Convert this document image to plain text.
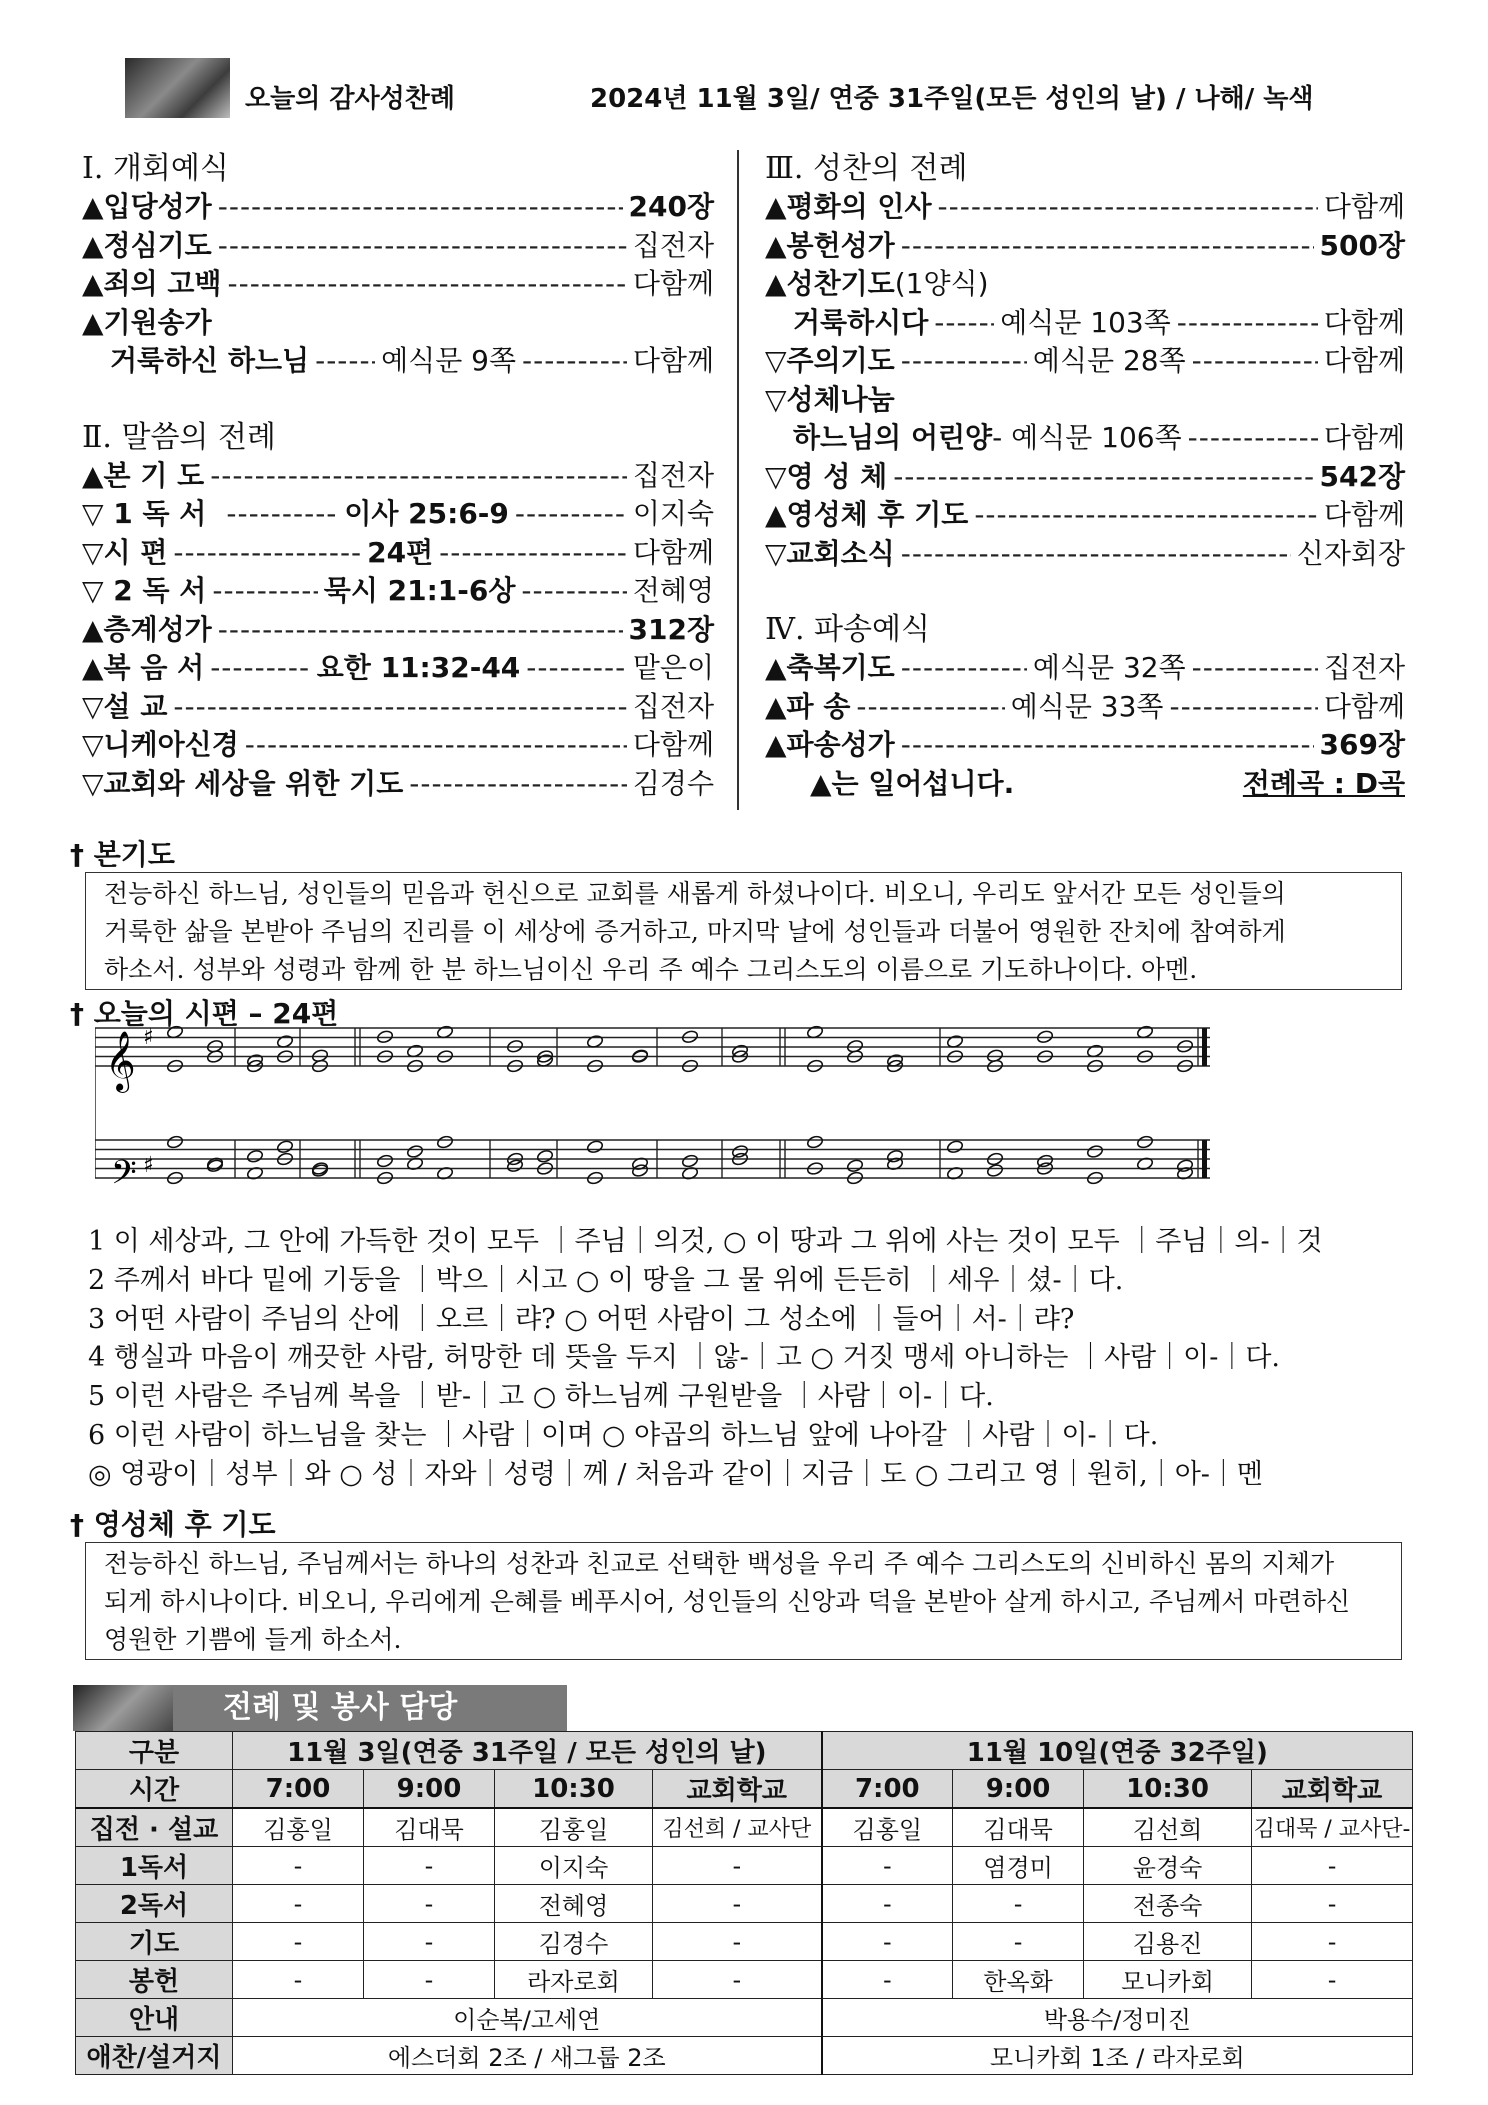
오늘의 감사성찬례	2024년 11월 3일/ 연중 31주일(모든 성인의 날) / 나해/ 녹색
Ⅰ. 개회예식
▲입당성가 -----	240장
▲정심기도 -----	집전자
▲죄의 고백 -----	다함께
▲기원송가
거룩하신 하느님 -----	예식문 9쪽 -----	다함께
Ⅱ. 말씀의 전례
▲본 기 도 -----	집전자
▽ 1 독 서 -----	이사 25:6-9 -----	이지숙
▽시 편 -----	24편 -----	다함께
▽ 2 독 서 -----	묵시 21:1-6상 -----	전혜영
▲층계성가 -----	312장
▲복 음 서 -----	요한 11:32-44 -----	맡은이
▽설 교 -----	집전자
▽니케아신경 -----	다함께
▽교회와 세상을 위한 기도 -----	김경수
Ⅲ. 성찬의 전례
▲평화의 인사 -----	다함께
▲봉헌성가 -----	500장
▲성찬기도 (1양식)
거룩하시다 -----	예식문 103쪽 -----	다함께
▽주의기도 -----	예식문 28쪽 -----	다함께
▽성체나눔
하느님의 어린양 - 예식문 106쪽 -----	다함께
▽영 성 체 -----	542장
▲영성체 후 기도 -----	다함께
▽교회소식 -----	신자회장
Ⅳ. 파송예식
▲축복기도 -----	예식문 32쪽 -----	집전자
▲파 송 -----	예식문 33쪽 -----	다함께
▲파송성가 -----	369장
▲는 일어섭니다.	전례곡 : D곡
† 본기도
전능하신 하느님, 성인들의 믿음과 헌신으로 교회를 새롭게 하셨나이다. 비오니, 우리도 앞서간 모든 성인들의
거룩한 삶을 본받아 주님의 진리를 이 세상에 증거하고, 마지막 날에 성인들과 더불어 영원한 잔치에 참여하게
하소서. 성부와 성령과 함께 한 분 하느님이신 우리 주 예수 그리스도의 이름으로 기도하나이다. 아멘.
† 오늘의 시편 – 24편
𝄞
𝄢
♯
♯
1 이 세상과, 그 안에 가득한 것이 모두 ｜주님｜의것, ○ 이 땅과 그 위에 사는 것이 모두 ｜주님｜의-｜것
2 주께서 바다 밑에 기둥을 ｜박으｜시고 ○ 이 땅을 그 물 위에 든든히 ｜세우｜셨-｜다.
3 어떤 사람이 주님의 산에 ｜오르｜랴? ○ 어떤 사람이 그 성소에 ｜들어｜서-｜랴?
4 행실과 마음이 깨끗한 사람, 허망한 데 뜻을 두지 ｜않-｜고 ○ 거짓 맹세 아니하는 ｜사람｜이-｜다.
5 이런 사람은 주님께 복을 ｜받-｜고 ○ 하느님께 구원받을 ｜사람｜이-｜다.
6 이런 사람이 하느님을 찾는 ｜사람｜이며 ○ 야곱의 하느님 앞에 나아갈 ｜사람｜이-｜다.
◎ 영광이｜성부｜와 ○ 성｜자와｜성령｜께 / 처음과 같이｜지금｜도 ○ 그리고 영｜원히,｜아-｜멘
† 영성체 후 기도
전능하신 하느님, 주님께서는 하나의 성찬과 친교로 선택한 백성을 우리 주 예수 그리스도의 신비하신 몸의 지체가
되게 하시나이다. 비오니, 우리에게 은혜를 베푸시어, 성인들의 신앙과 덕을 본받아 살게 하시고, 주님께서 마련하신
영원한 기쁨에 들게 하소서.
전례 및 봉사 담당
구분	11월 3일(연중 31주일 / 모든 성인의 날)				11월 10일(연중 32주일)			
시간	7:00	9:00	10:30	교회학교	7:00	9:00	10:30	교회학교
집전 · 설교	김홍일	김대묵	김홍일	김선희 / 교사단	김홍일	김대묵	김선희	김대묵 / 교사단-
1독서	-	-	이지숙	-	-	염경미	윤경숙	-
2독서	-	-	전혜영	-	-	-	전종숙	-
기도	-	-	김경수	-	-	-	김용진	-
봉헌	-	-	라자로회	-	-	한옥화	모니카회	-
안내	이순복/고세연				박용수/정미진			
애찬/설거지	에스더회 2조 / 새그룹 2조				모니카회 1조 / 라자로회			
